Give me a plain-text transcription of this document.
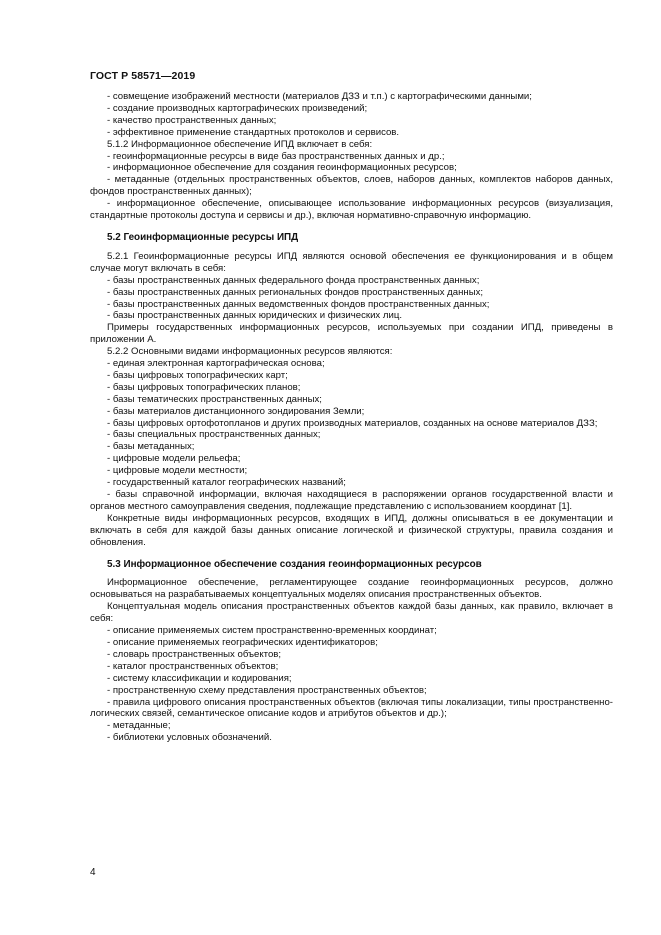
ГОСТ Р 58571—2019
- совмещение изображений местности (материалов ДЗЗ и т.п.) с картографическими данными;
- создание производных картографических произведений;
- качество пространственных данных;
- эффективное применение стандартных протоколов и сервисов.
5.1.2 Информационное обеспечение ИПД включает в себя:
- геоинформационные ресурсы в виде баз пространственных данных и др.;
- информационное обеспечение для создания геоинформационных ресурсов;
- метаданные (отдельных пространственных объектов, слоев, наборов данных, комплектов наборов данных, фондов пространственных данных);
- информационное обеспечение, описывающее использование информационных ресурсов (визуализация, стандартные протоколы доступа и сервисы и др.), включая нормативно-справочную информацию.
5.2 Геоинформационные ресурсы ИПД
5.2.1 Геоинформационные ресурсы ИПД являются основой обеспечения ее функционирования и в общем случае могут включать в себя:
- базы пространственных данных федерального фонда пространственных данных;
- базы пространственных данных региональных фондов пространственных данных;
- базы пространственных данных ведомственных фондов пространственных данных;
- базы пространственных данных юридических и физических лиц.
Примеры государственных информационных ресурсов, используемых при создании ИПД, приведены в приложении А.
5.2.2 Основными видами информационных ресурсов являются:
- единая электронная картографическая основа;
- базы цифровых топографических карт;
- базы цифровых топографических планов;
- базы тематических пространственных данных;
- базы материалов дистанционного зондирования Земли;
- базы цифровых ортофотопланов и других производных материалов, созданных на основе материалов ДЗЗ;
- базы специальных пространственных данных;
- базы метаданных;
- цифровые модели рельефа;
- цифровые модели местности;
- государственный каталог географических названий;
- базы справочной информации, включая находящиеся в распоряжении органов государственной власти и органов местного самоуправления сведения, подлежащие представлению с использованием координат [1].
Конкретные виды информационных ресурсов, входящих в ИПД, должны описываться в ее документации и включать в себя для каждой базы данных описание логической и физической структуры, правила создания и обновления.
5.3 Информационное обеспечение создания геоинформационных ресурсов
Информационное обеспечение, регламентирующее создание геоинформационных ресурсов, должно основываться на разрабатываемых концептуальных моделях описания пространственных объектов.
Концептуальная модель описания пространственных объектов каждой базы данных, как правило, включает в себя:
- описание применяемых систем пространственно-временных координат;
- описание применяемых географических идентификаторов;
- словарь пространственных объектов;
- каталог пространственных объектов;
- систему классификации и кодирования;
- пространственную схему представления пространственных объектов;
- правила цифрового описания пространственных объектов (включая типы локализации, типы пространственно-логических связей, семантическое описание кодов и атрибутов объектов и др.);
- метаданные;
- библиотеки условных обозначений.
4
